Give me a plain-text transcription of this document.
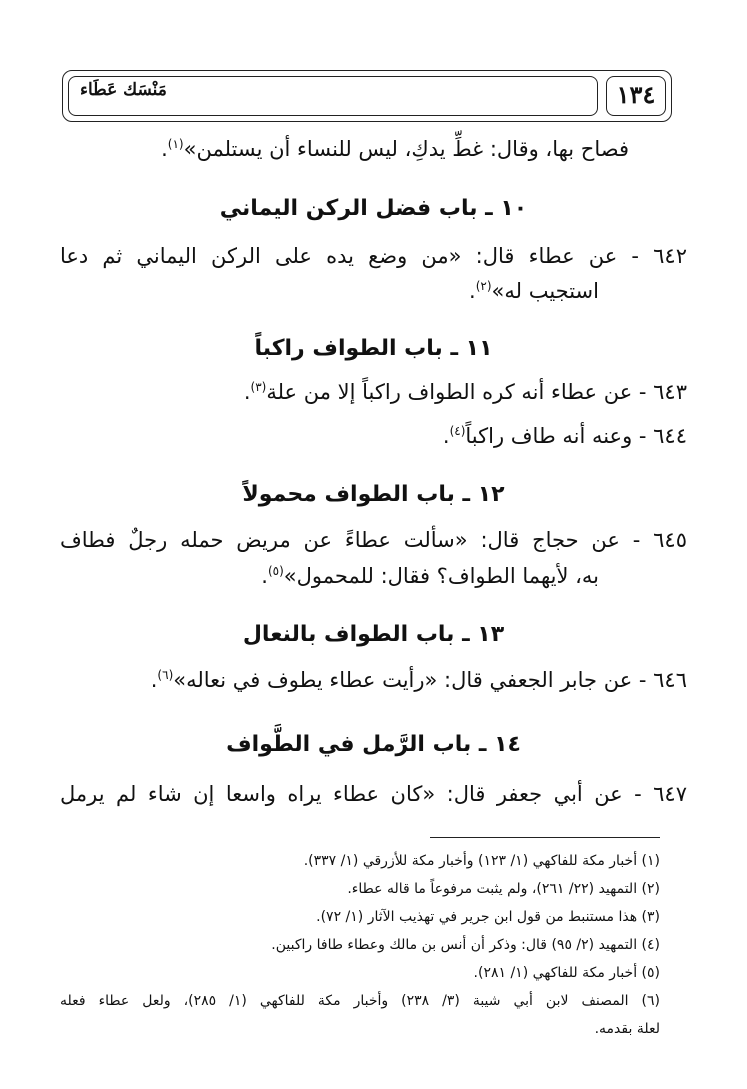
مَنْسَك عَطَاء	١٣٤
فصاح بها، وقال: غطِّ يدكِ، ليس للنساء أن يستلمن»$^{(١)}$.
١٠ ـ باب فضل الركن اليماني
٦٤٢ - عن عطاء قال: «من وضع يده على الركن اليماني ثم دعا
استجيب له»$^{(٢)}$.
١١ ـ باب الطواف راكباً
٦٤٣ - عن عطاء أنه كره الطواف راكباً إلا من علة$^{(٣)}$.
٦٤٤ - وعنه أنه طاف راكباً$^{(٤)}$.
١٢ ـ باب الطواف محمولاً
٦٤٥ - عن حجاج قال: «سألت عطاءً عن مريض حمله رجلٌ فطاف
به، لأيهما الطواف؟ فقال: للمحمول»$^{(٥)}$.
١٣ ـ باب الطواف بالنعال
٦٤٦ - عن جابر الجعفي قال: «رأيت عطاء يطوف في نعاله»$^{(٦)}$.
١٤ ـ باب الرَّمل في الطَّواف
٦٤٧ - عن أبي جعفر قال: «كان عطاء يراه واسعا إن شاء لم يرمل
(١) أخبار مكة للفاكهي (١/ ١٢٣) وأخبار مكة للأزرقي (١/ ٣٣٧).
(٢) التمهيد (٢٢/ ٢٦١)، ولم يثبت مرفوعاً ما قاله عطاء.
(٣) هذا مستنبط من قول ابن جرير في تهذيب الآثار (١/ ٧٢).
(٤) التمهيد (٢/ ٩٥) قال: وذكر أن أنس بن مالك وعطاء طافا راكبين.
(٥) أخبار مكة للفاكهي (١/ ٢٨١).
(٦) المصنف لابن أبي شيبة (٣/ ٢٣٨) وأخبار مكة للفاكهي (١/ ٢٨٥)، ولعل عطاء فعله
لعلة بقدمه.
